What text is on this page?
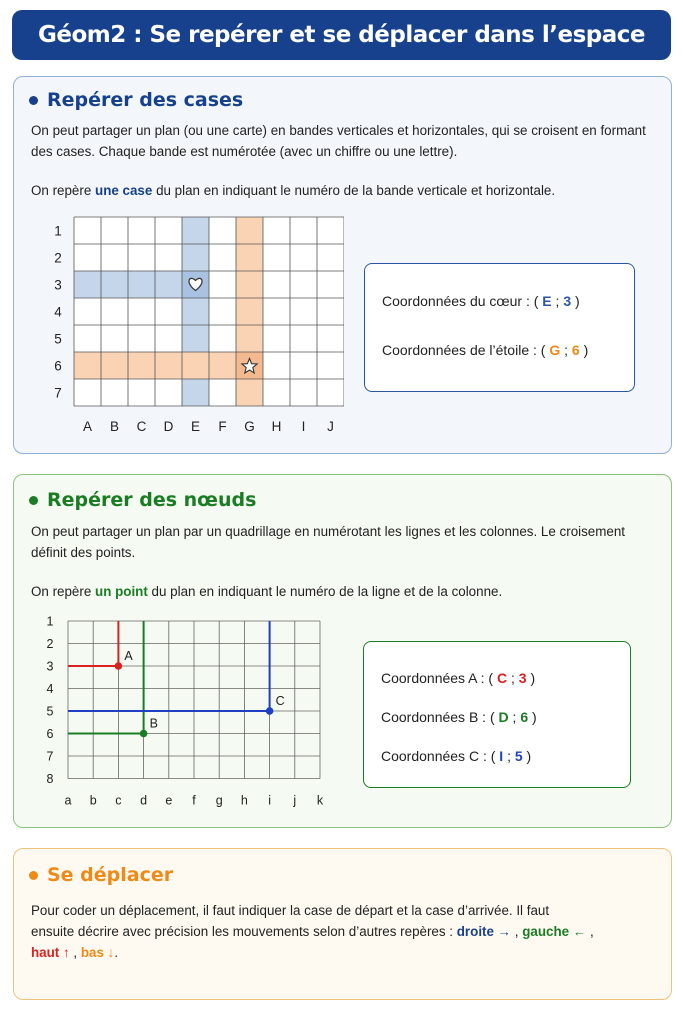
Géom2 : Se repérer et se déplacer dans l’espace
Repérer des cases
On peut partager un plan (ou une carte) en bandes verticales et horizontales, qui se croisent en formant des cases. Chaque bande est numérotée (avec un chiffre ou une lettre).
On repère une case du plan en indiquant le numéro de la bande verticale et horizontale.
1
2
3
4
5
6
7
A B C D E F G H I J
Coordonnées du cœur : ( E ; 3 )
Coordonnées de l’étoile : ( G ; 6 )
Repérer des nœuds
On peut partager un plan par un quadrillage en numérotant les lignes et les colonnes. Le croisement définit des points.
On repère un point du plan en indiquant le numéro de la ligne et de la colonne.
1
2
3
4
5
6
7
8
a b c d e f g h i j k
A
B
C
Coordonnées A : ( C ; 3 )
Coordonnées B : ( D ; 6 )
Coordonnées C : ( I ; 5 )
Se déplacer
Pour coder un déplacement, il faut indiquer la case de départ et la case d’arrivée. Il faut
ensuite décrire avec précision les mouvements selon d’autres repères : droite → , gauche ← ,
haut ↑ , bas ↓.
